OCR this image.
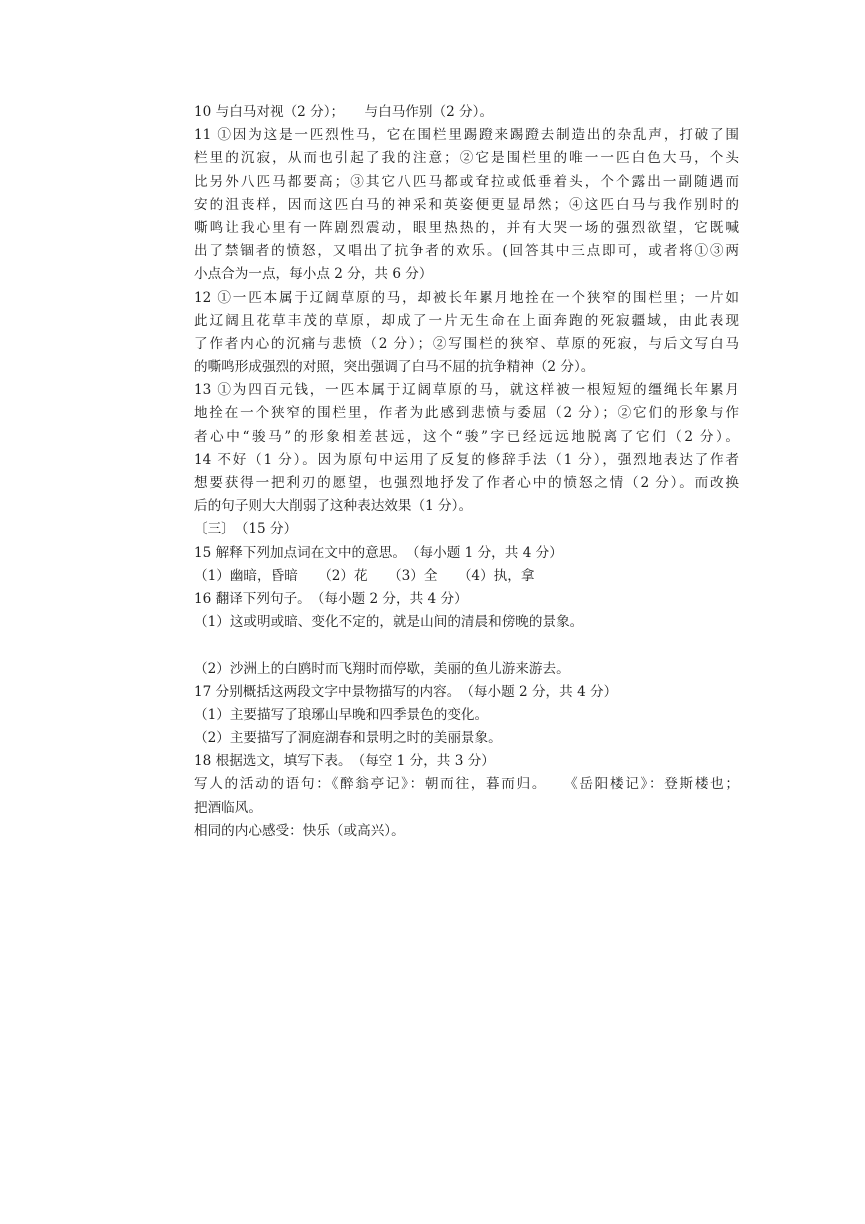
10 与白马对视（2 分）；　　与白马作别（2 分）。
11 ①因为这是一匹烈性马，它在围栏里踢蹬来踢蹬去制造出的杂乱声，打破了围
栏里的沉寂，从而也引起了我的注意；②它是围栏里的唯一一匹白色大马，个头
比另外八匹马都要高；③其它八匹马都或耷拉或低垂着头，个个露出一副随遇而
安的沮丧样，因而这匹白马的神采和英姿便更显昂然；④这匹白马与我作别时的
嘶鸣让我心里有一阵剧烈震动，眼里热热的，并有大哭一场的强烈欲望，它既喊
出了禁锢者的愤怒，又唱出了抗争者的欢乐。(回答其中三点即可，或者将①③两
小点合为一点，每小点 2 分，共 6 分）
12 ①一匹本属于辽阔草原的马，却被长年累月地拴在一个狭窄的围栏里；一片如
此辽阔且花草丰茂的草原，却成了一片无生命在上面奔跑的死寂疆域，由此表现
了作者内心的沉痛与悲愤（2 分）；②写围栏的狭窄、草原的死寂，与后文写白马
的嘶鸣形成强烈的对照，突出强调了白马不屈的抗争精神（2 分）。
13 ①为四百元钱，一匹本属于辽阔草原的马，就这样被一根短短的缰绳长年累月
地拴在一个狭窄的围栏里，作者为此感到悲愤与委屈（2 分）；②它们的形象与作
者心中“骏马”的形象相差甚远，这个“骏”字已经远远地脱离了它们（2 分）。
14 不好（1 分）。因为原句中运用了反复的修辞手法（1 分），强烈地表达了作者
想要获得一把利刃的愿望，也强烈地抒发了作者心中的愤怒之情（2 分）。而改换
后的句子则大大削弱了这种表达效果（1 分）。
〔三〕　（15 分）
15 解释下列加点词在文中的意思。　（每小题 1 分，共 4 分）
（1）幽暗，昏暗　　（2）花　　（3）全　　（4）执，拿
16 翻译下列句子。　（每小题 2 分，共 4 分）
（1）这或明或暗、变化不定的，就是山间的清晨和傍晚的景象。
（2）沙洲上的白鸥时而飞翔时而停歇，美丽的鱼儿游来游去。
17 分别概括这两段文字中景物描写的内容。　（每小题 2 分，共 4 分）
（1）主要描写了琅琊山早晚和四季景色的变化。
（2）主要描写了洞庭湖春和景明之时的美丽景象。
18 根据选文，填写下表。　（每空 1 分，共 3 分）
写人的活动的语句：《醉翁亭记》：朝而往，暮而归。　　《岳阳楼记》：登斯楼也；
把酒临风。
相同的内心感受：快乐（或高兴）。
